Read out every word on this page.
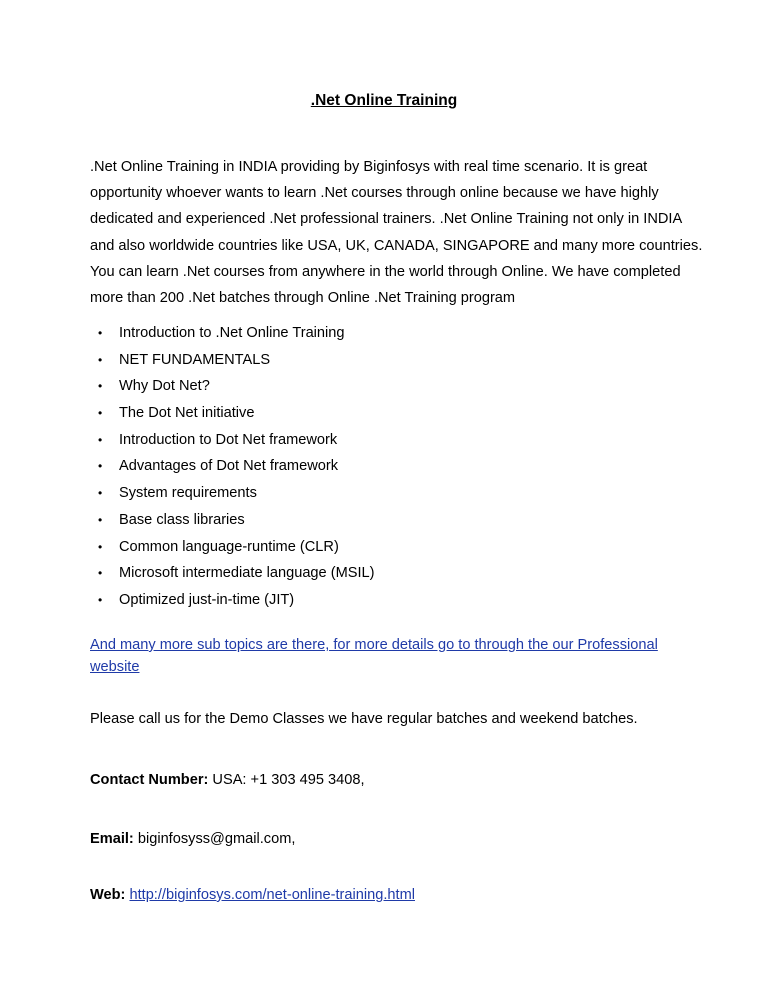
.Net Online Training

.Net Online Training in INDIA providing by Biginfosys with real time scenario. It is great
opportunity whoever wants to learn .Net courses through online because we have highly
dedicated and experienced .Net professional trainers. .Net Online Training not only in INDIA
and also worldwide countries like USA, UK, CANADA, SINGAPORE and many more countries.
You can learn .Net courses from anywhere in the world through Online. We have completed
more than 200 .Net batches through Online .Net Training program

• Introduction to .Net Online Training
• NET FUNDAMENTALS
• Why Dot Net?
• The Dot Net initiative
• Introduction to Dot Net framework
• Advantages of Dot Net framework
• System requirements
• Base class libraries
• Common language-runtime (CLR)
• Microsoft intermediate language (MSIL)
• Optimized just-in-time (JIT)
And many more sub topics are there, for more details go to through the our Professional
website
Please call us for the Demo Classes we have regular batches and weekend batches.
Contact Number: USA: +1 303 495 3408,
Email: biginfosyss@gmail.com,
Web: http://biginfosys.com/net-online-training.html
